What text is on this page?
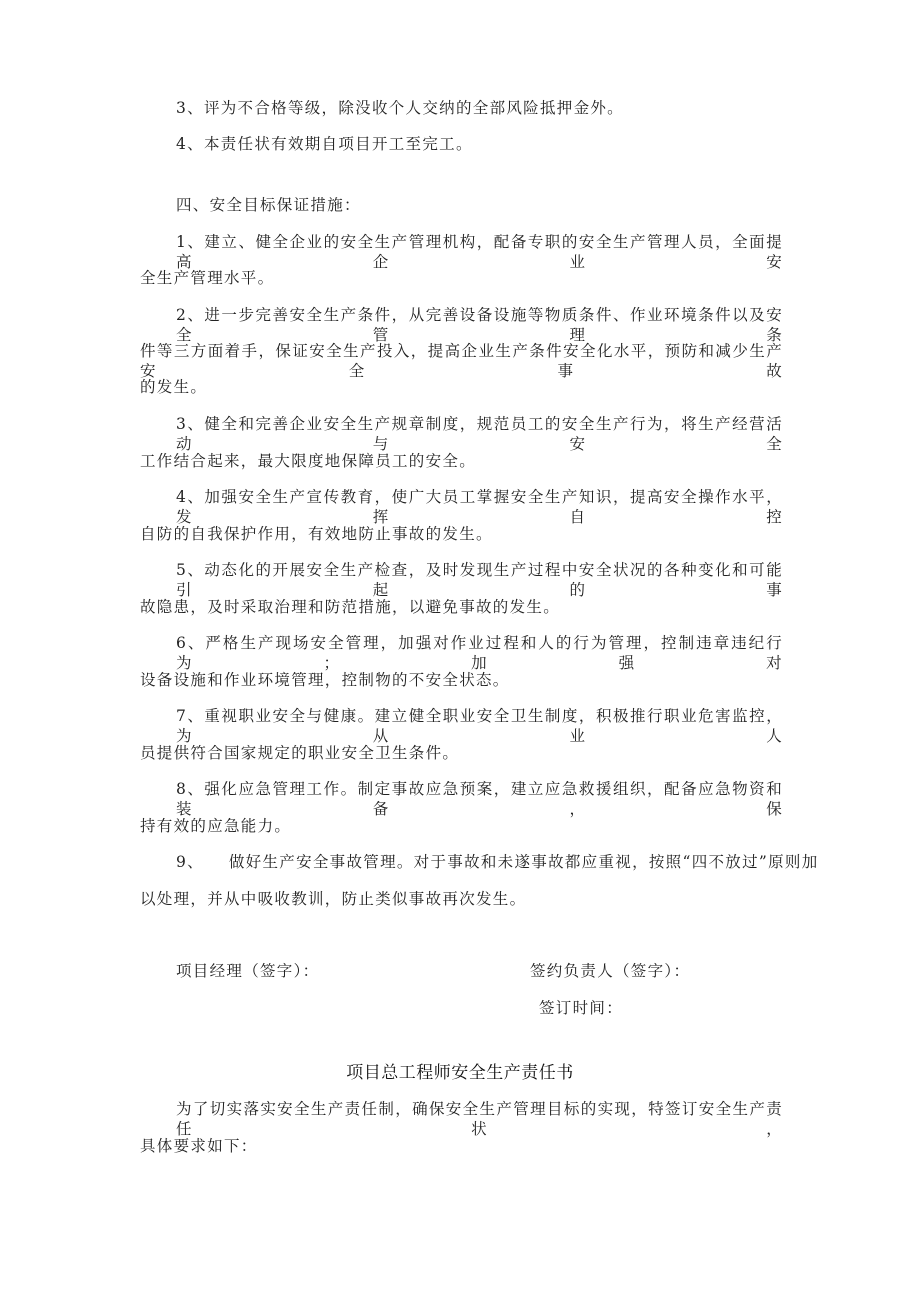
3、评为不合格等级，除没收个人交纳的全部风险抵押金外。
4、本责任状有效期自项目开工至完工。
四、安全目标保证措施：
1、建立、健全企业的安全生产管理机构，配备专职的安全生产管理人员，全面提高企业安
全生产管理水平。
2、进一步完善安全生产条件，从完善设备设施等物质条件、作业环境条件以及安全管理条
件等三方面着手，保证安全生产投入，提高企业生产条件安全化水平，预防和减少生产安全事故
的发生。
3、健全和完善企业安全生产规章制度，规范员工的安全生产行为，将生产经营活动与安全
工作结合起来，最大限度地保障员工的安全。
4、加强安全生产宣传教育，使广大员工掌握安全生产知识，提高安全操作水平，发挥自控
自防的自我保护作用，有效地防止事故的发生。
5、动态化的开展安全生产检查，及时发现生产过程中安全状况的各种变化和可能引起的事
故隐患，及时采取治理和防范措施，以避免事故的发生。
6、严格生产现场安全管理，加强对作业过程和人的行为管理，控制违章违纪行为；加强对
设备设施和作业环境管理，控制物的不安全状态。
7、重视职业安全与健康。建立健全职业安全卫生制度，积极推行职业危害监控，为从业人
员提供符合国家规定的职业安全卫生条件。
8、强化应急管理工作。制定事故应急预案，建立应急救援组织，配备应急物资和装备，保
持有效的应急能力。
9、    做好生产安全事故管理。对于事故和未遂事故都应重视，按照“四不放过”原则加
以处理，并从中吸收教训，防止类似事故再次发生。
项目经理（签字）：	签约负责人（签字）：
签订时间：
项目总工程师安全生产责任书
为了切实落实安全生产责任制，确保安全生产管理目标的实现，特签订安全生产责任状，
具体要求如下：
